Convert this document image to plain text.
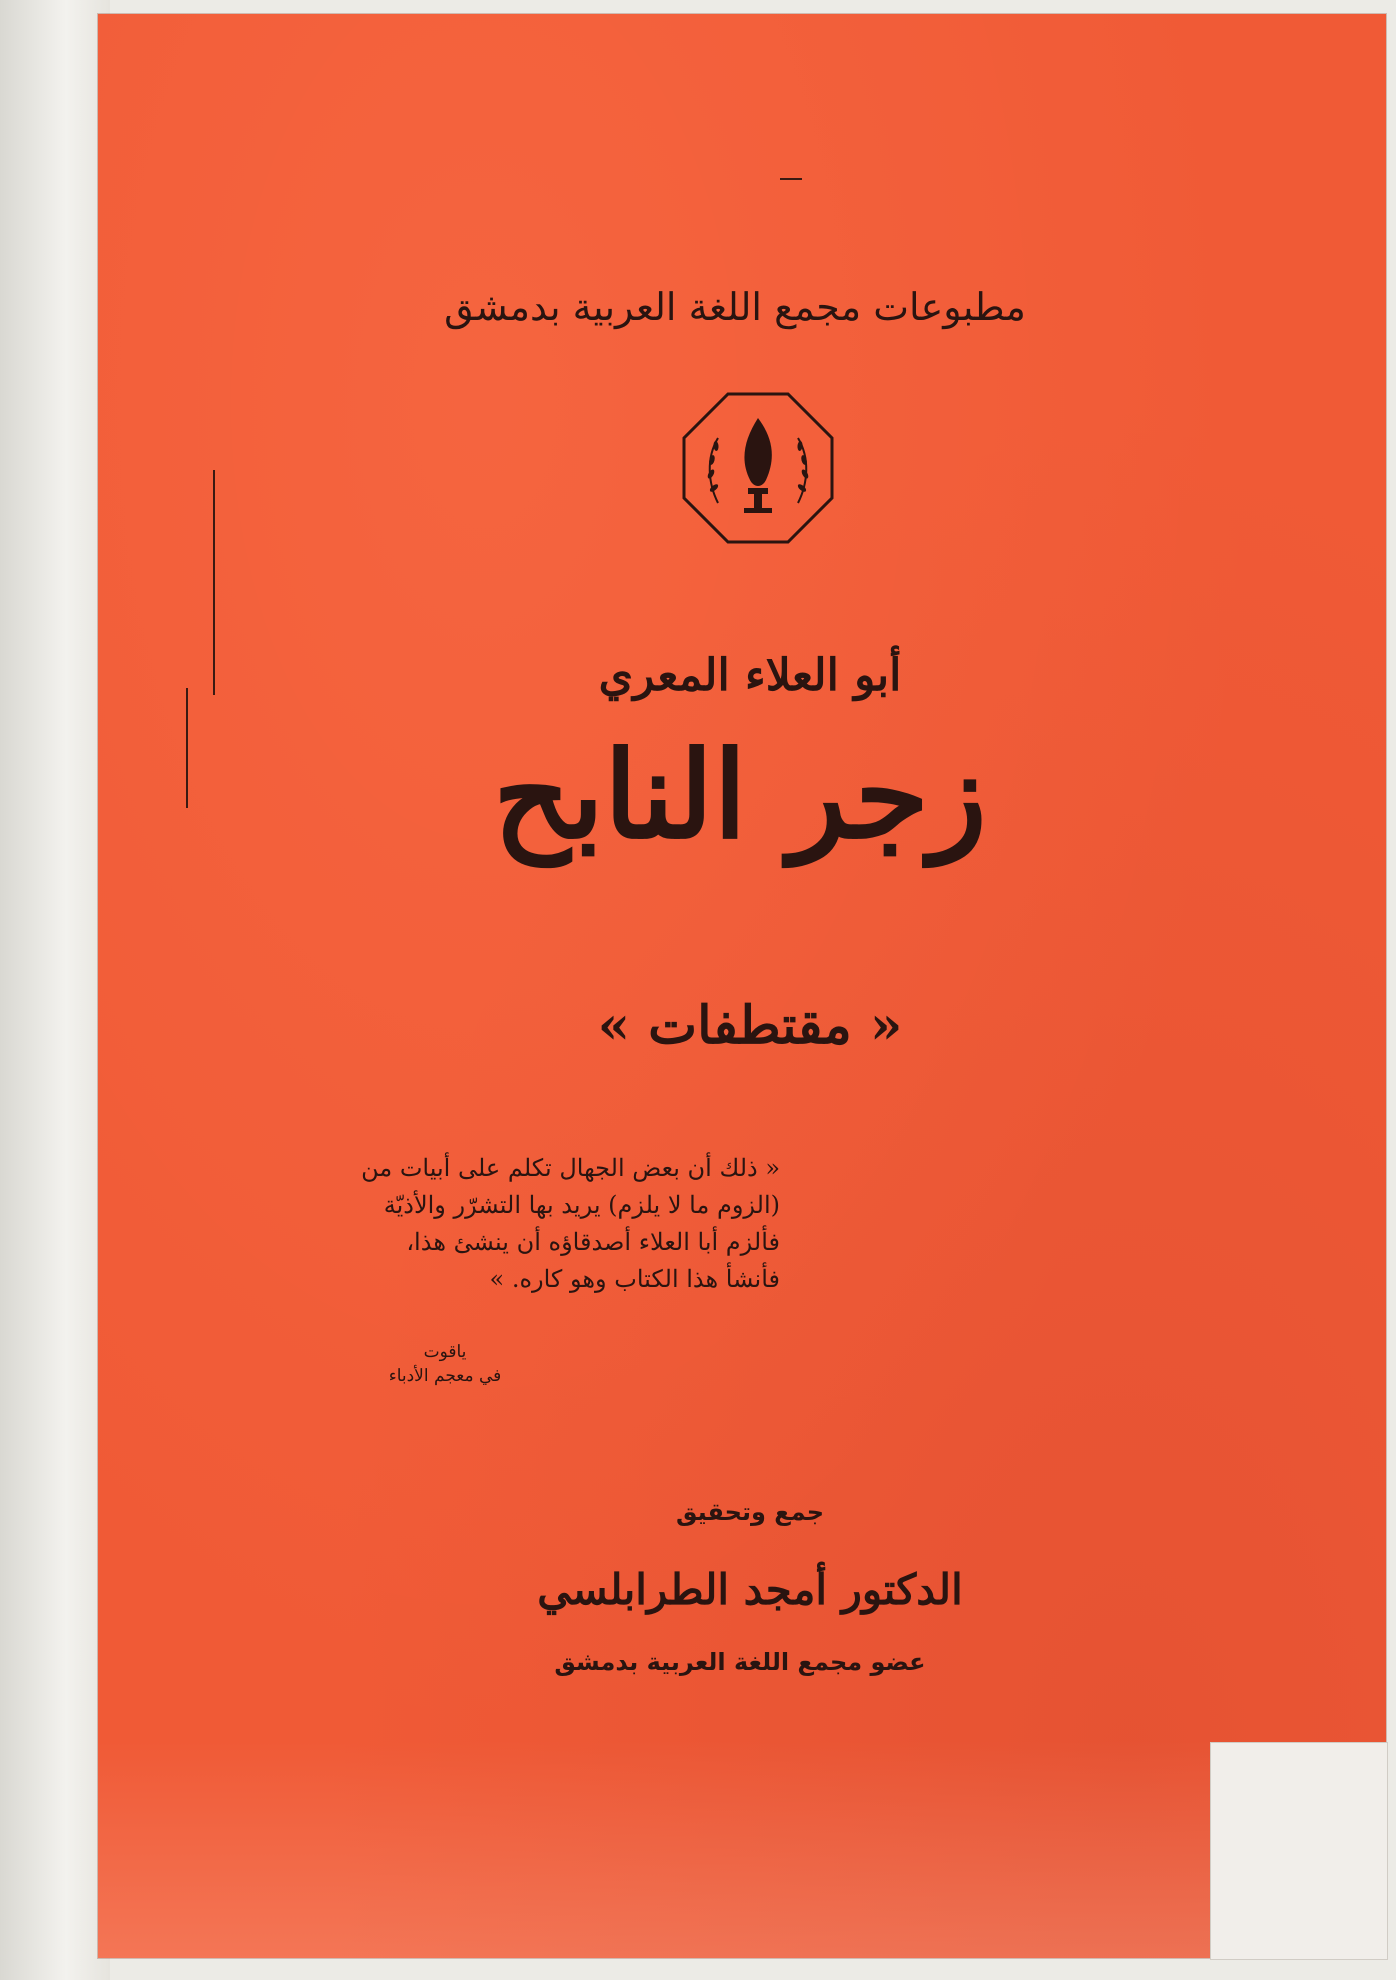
مطبوعات مجمع اللغة العربية بدمشق
أبو العلاء المعري
زجر النابح
« مقتطفات »

« ذلك أن بعض الجهال تكلم على أبيات من

(الزوم ما لا يلزم) يريد بها التشرّر والأذيّة

فألزم أبا العلاء أصدقاؤه أن ينشئ هذا،

فأنشأ هذا الكتاب وهو كاره. »

ياقوت
في معجم الأدباء
جمع وتحقيق
الدكتور أمجد الطرابلسي
عضو مجمع اللغة العربية بدمشق
